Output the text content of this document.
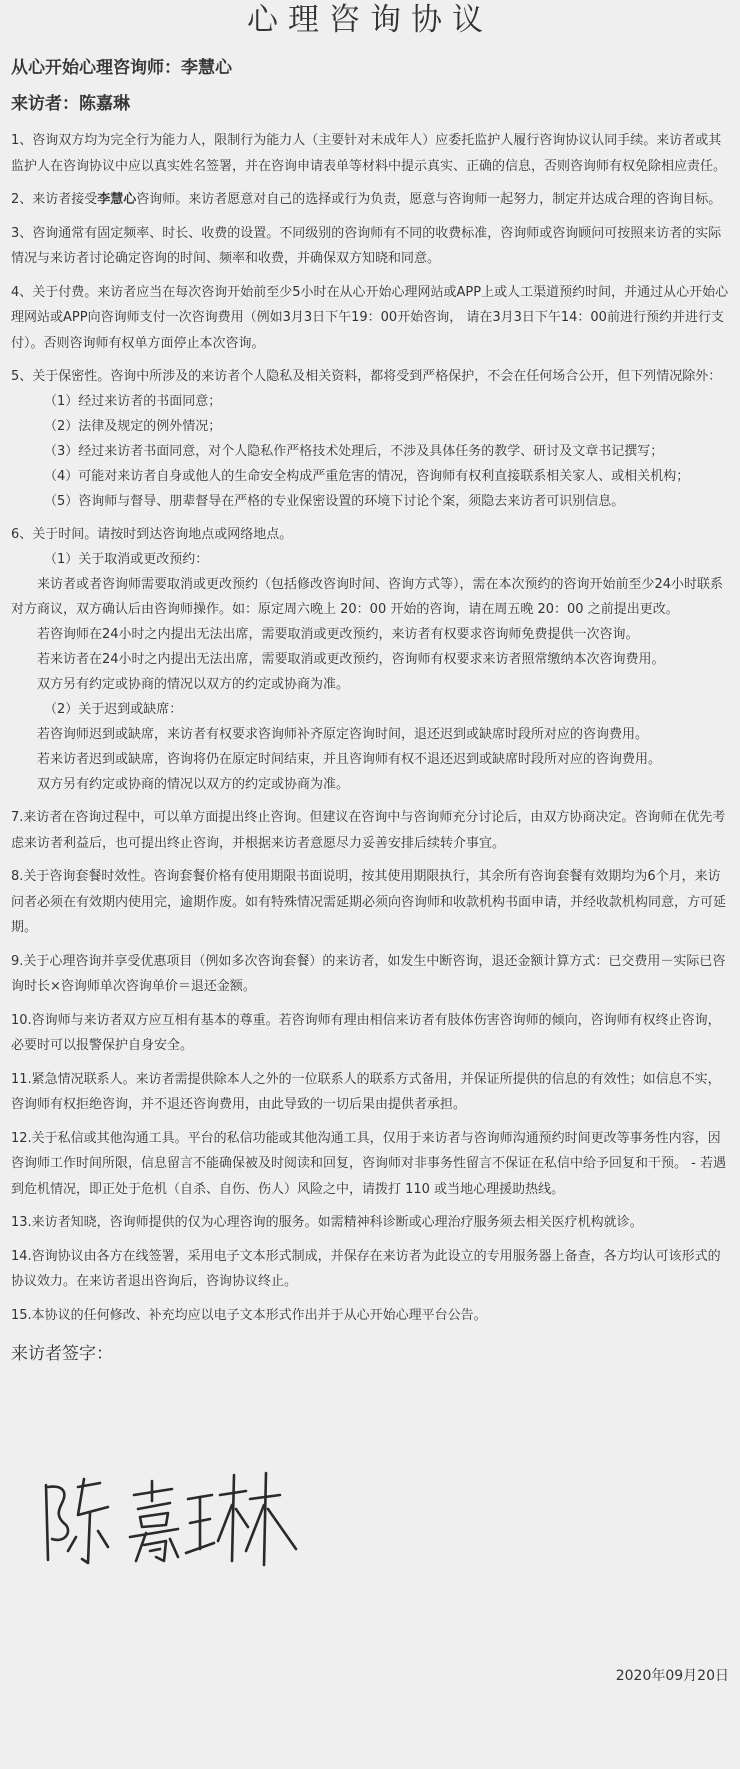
心理咨询协议
从心开始心理咨询师：李慧心
来访者：陈嘉琳
1、咨询双方均为完全行为能力人，限制行为能力人（主要针对未成年人）应委托监护人履行咨询协议认同手续。来访者或其监护人在咨询协议中应以真实姓名签署，并在咨询申请表单等材料中提示真实、正确的信息，否则咨询师有权免除相应责任。
2、来访者接受李慧心咨询师。来访者愿意对自己的选择或行为负责，愿意与咨询师一起努力，制定并达成合理的咨询目标。
3、咨询通常有固定频率、时长、收费的设置。不同级别的咨询师有不同的收费标准，咨询师或咨询顾问可按照来访者的实际情况与来访者讨论确定咨询的时间、频率和收费，并确保双方知晓和同意。
4、关于付费。来访者应当在每次咨询开始前至少5小时在从心开始心理网站或APP上或人工渠道预约时间，并通过从心开始心理网站或APP向咨询师支付一次咨询费用（例如3月3日下午19：00开始咨询， 请在3月3日下午14：00前进行预约并进行支付）。否则咨询师有权单方面停止本次咨询。
5、关于保密性。咨询中所涉及的来访者个人隐私及相关资料，都将受到严格保护，不会在任何场合公开，但下列情况除外：
（1）经过来访者的书面同意；
（2）法律及规定的例外情况；
（3）经过来访者书面同意，对个人隐私作严格技术处理后，不涉及具体任务的教学、研讨及文章书记撰写；
（4）可能对来访者自身或他人的生命安全构成严重危害的情况，咨询师有权利直接联系相关家人、或相关机构；
（5）咨询师与督导、朋辈督导在严格的专业保密设置的环境下讨论个案，须隐去来访者可识别信息。
6、关于时间。请按时到达咨询地点或网络地点。
（1）关于取消或更改预约：
来访者或者咨询师需要取消或更改预约（包括修改咨询时间、咨询方式等），需在本次预约的咨询开始前至少24小时联系对方商议，双方确认后由咨询师操作。如：原定周六晚上 20：00 开始的咨询，请在周五晚 20：00 之前提出更改。
若咨询师在24小时之内提出无法出席，需要取消或更改预约，来访者有权要求咨询师免费提供一次咨询。
若来访者在24小时之内提出无法出席，需要取消或更改预约，咨询师有权要求来访者照常缴纳本次咨询费用。
双方另有约定或协商的情况以双方的约定或协商为准。
（2）关于迟到或缺席：
若咨询师迟到或缺席，来访者有权要求咨询师补齐原定咨询时间，退还迟到或缺席时段所对应的咨询费用。
若来访者迟到或缺席，咨询将仍在原定时间结束，并且咨询师有权不退还迟到或缺席时段所对应的咨询费用。
双方另有约定或协商的情况以双方的约定或协商为准。
7.来访者在咨询过程中，可以单方面提出终止咨询。但建议在咨询中与咨询师充分讨论后，由双方协商决定。咨询师在优先考虑来访者利益后，也可提出终止咨询，并根据来访者意愿尽力妥善安排后续转介事宜。
8.关于咨询套餐时效性。咨询套餐价格有使用期限书面说明，按其使用期限执行，其余所有咨询套餐有效期均为6个月，来访问者必须在有效期内使用完，逾期作废。如有特殊情况需延期必须向咨询师和收款机构书面申请，并经收款机构同意，方可延期。
9.关于心理咨询并享受优惠项目（例如多次咨询套餐）的来访者，如发生中断咨询，退还金额计算方式：已交费用－实际已咨询时长×咨询师单次咨询单价＝退还金额。
10.咨询师与来访者双方应互相有基本的尊重。若咨询师有理由相信来访者有肢体伤害咨询师的倾向，咨询师有权终止咨询，必要时可以报警保护自身安全。
11.紧急情况联系人。来访者需提供除本人之外的一位联系人的联系方式备用，并保证所提供的信息的有效性；如信息不实，咨询师有权拒绝咨询，并不退还咨询费用，由此导致的一切后果由提供者承担。
12.关于私信或其他沟通工具。平台的私信功能或其他沟通工具，仅用于来访者与咨询师沟通预约时间更改等事务性内容，因咨询师工作时间所限，信息留言不能确保被及时阅读和回复，咨询师对非事务性留言不保证在私信中给予回复和干预。 - 若遇到危机情况，即正处于危机（自杀、自伤、伤人）风险之中，请拨打 110 或当地心理援助热线。
13.来访者知晓，咨询师提供的仅为心理咨询的服务。如需精神科诊断或心理治疗服务须去相关医疗机构就诊。
14.咨询协议由各方在线签署，采用电子文本形式制成，并保存在来访者为此设立的专用服务器上备查，各方均认可该形式的协议效力。在来访者退出咨询后，咨询协议终止。
15.本协议的任何修改、补充均应以电子文本形式作出并于从心开始心理平台公告。
来访者签字：
2020年09月20日
